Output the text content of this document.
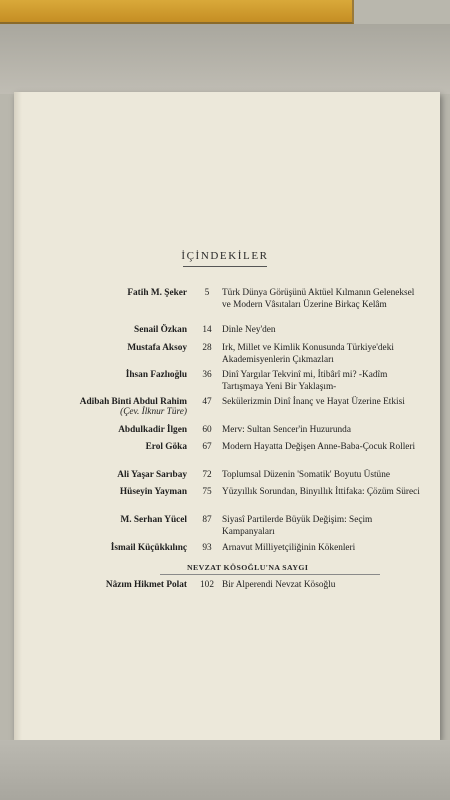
İÇİNDEKİLER
Fatih M. Şeker	5	Türk Dünya Görüşünü Aktüel Kılmanın Geleneksel ve Modern Vâsıtaları Üzerine Birkaç Kelâm
Senail Özkan	14	Dinle Ney'den
Mustafa Aksoy	28	Irk, Millet ve Kimlik Konusunda Türkiye'deki Akademisyenlerin Çıkmazları
İhsan Fazlıoğlu	36	Dinî Yargılar Tekvinî mi, İtibârî mi? -Kadîm Tartışmaya Yeni Bir Yaklaşım-
Adibah Binti Abdul Rahim
(Çev. İlknur Türe)
47	Sekülerizmin Dinî İnanç ve Hayat Üzerine Etkisi
Abdulkadir İlgen	60	Merv: Sultan Sencer'in Huzurunda
Erol Göka	67	Modern Hayatta Değişen Anne-Baba-Çocuk Rolleri
Ali Yaşar Sarıbay	72	Toplumsal Düzenin 'Somatik' Boyutu Üstüne
Hüseyin Yayman	75	Yüzyıllık Sorundan, Binyıllık İttifaka: Çözüm Süreci
M. Serhan Yücel	87	Siyasî Partilerde Büyük Değişim: Seçim Kampanyaları
İsmail Küçükkılınç	93	Arnavut Milliyetçiliğinin Kökenleri
NEVZAT KÖSOĞLU'NA SAYGI
Nâzım Hikmet Polat 102 Bir Alperendi Nevzat Kösoğlu
